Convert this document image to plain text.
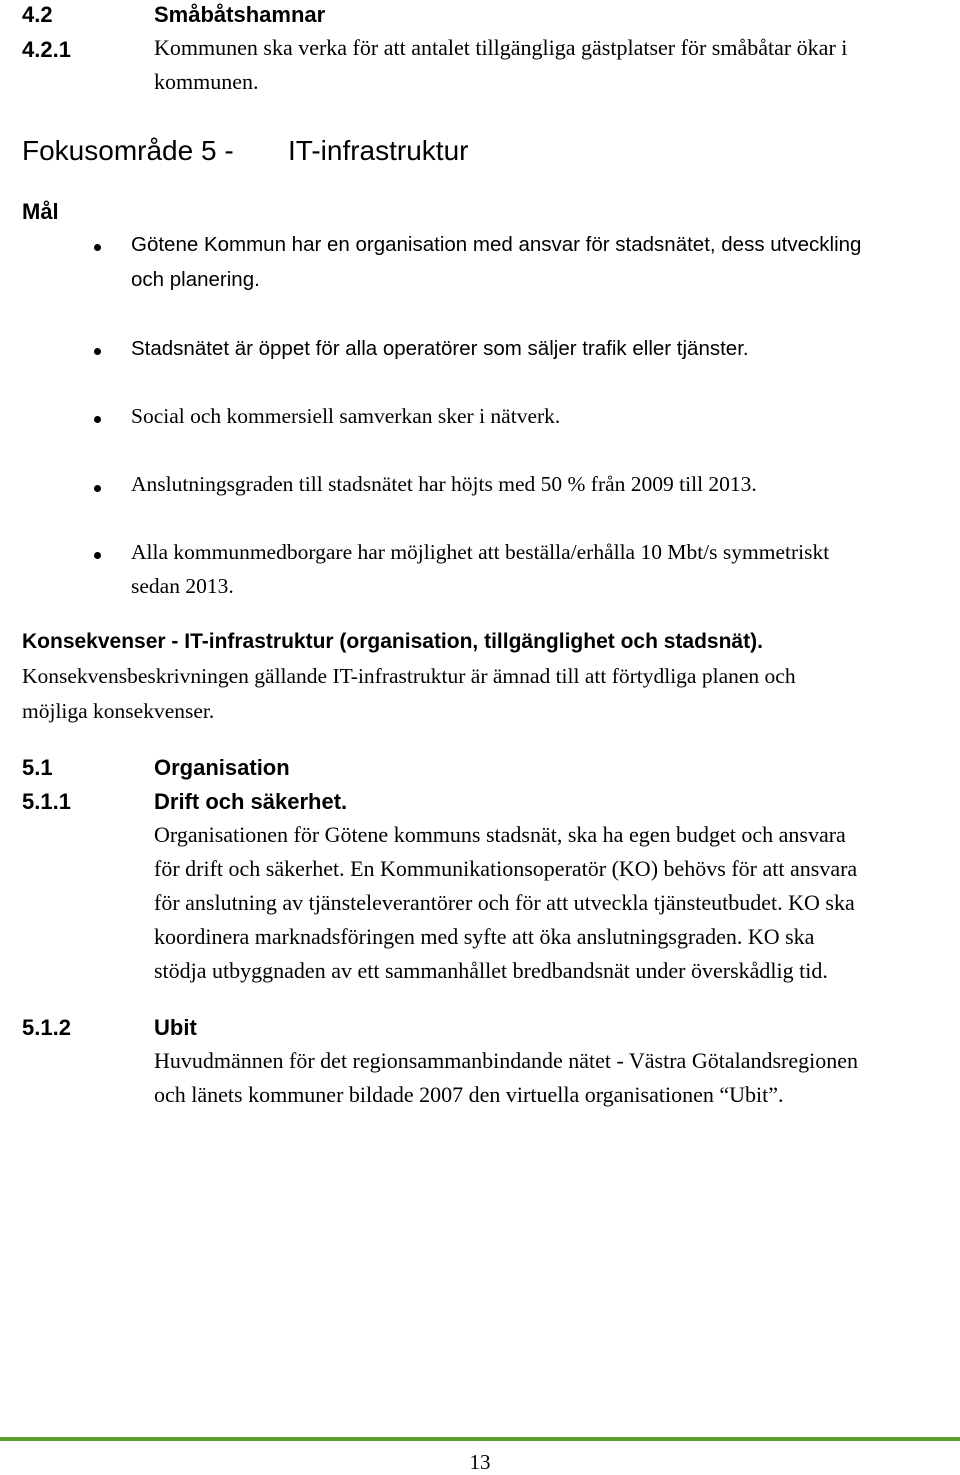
4.2	Småbåtshamnar
4.2.1	Kommunen ska verka för att antalet tillgängliga gästplatser för småbåtar ökar i
kommunen.
Fokusområde 5 - IT-infrastruktur
Mål
Götene Kommun har en organisation med ansvar för stadsnätet, dess utveckling
och planering.
Stadsnätet är öppet för alla operatörer som säljer trafik eller tjänster.
Social och kommersiell samverkan sker i nätverk.
Anslutningsgraden till stadsnätet har höjts med 50 % från 2009 till 2013.
Alla kommunmedborgare har möjlighet att beställa/erhålla 10 Mbt/s symmetriskt
sedan 2013.
Konsekvenser - IT-infrastruktur (organisation, tillgänglighet och stadsnät).
Konsekvensbeskrivningen gällande IT-infrastruktur är ämnad till att förtydliga planen och
möjliga konsekvenser.
5.1	Organisation
5.1.1	Drift och säkerhet.
Organisationen för Götene kommuns stadsnät, ska ha egen budget och ansvara
för drift och säkerhet. En Kommunikationsoperatör (KO) behövs för att ansvara
för anslutning av tjänsteleverantörer och för att utveckla tjänsteutbudet. KO ska
koordinera marknadsföringen med syfte att öka anslutningsgraden. KO ska
stödja utbyggnaden av ett sammanhållet bredbandsnät under överskådlig tid.
5.1.2	Ubit
Huvudmännen för det regionsammanbindande nätet - Västra Götalandsregionen
och länets kommuner bildade 2007 den virtuella organisationen “Ubit”.
13
